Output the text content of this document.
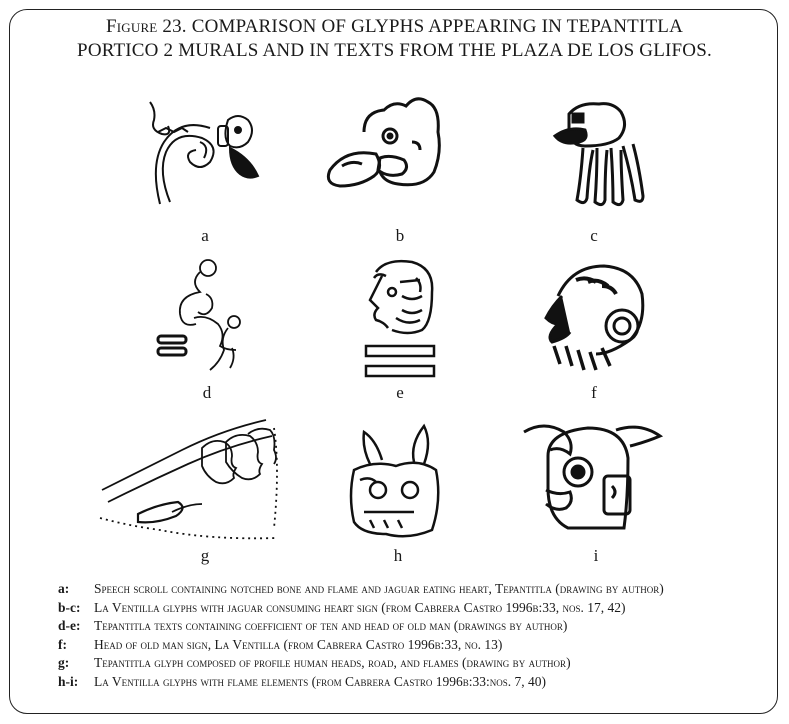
Figure 23. COMPARISON OF GLYPHS APPEARING IN TEPANTITLA
PORTICO 2 MURALS AND IN TEXTS FROM THE PLAZA DE LOS GLIFOS.
a	b	c
d	e	f
g	h	i
a:	Speech scroll containing notched bone and flame and jaguar eating heart, Tepantitla (drawing by author)
b-c:	La Ventilla glyphs with jaguar consuming heart sign (from Cabrera Castro 1996b:33, nos. 17, 42)
d-e:	Tepantitla texts containing coefficient of ten and head of old man (drawings by author)
f:	Head of old man sign, La Ventilla (from Cabrera Castro 1996b:33, no. 13)
g:	Tepantitla glyph composed of profile human heads, road, and flames (drawing by author)
h-i:	La Ventilla glyphs with flame elements (from Cabrera Castro 1996b:33:nos. 7, 40)
